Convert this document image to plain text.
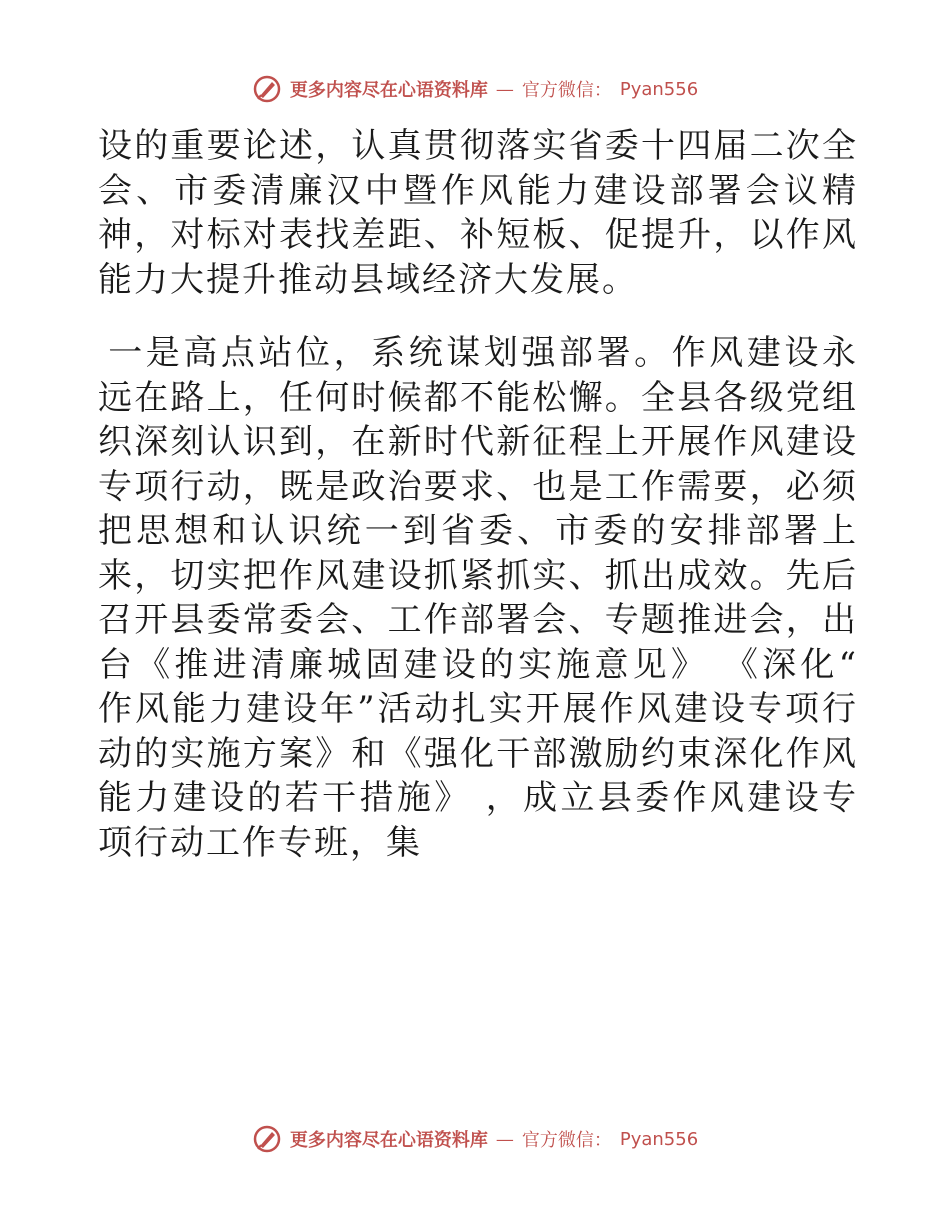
更多内容尽在心语资料库 — 官方微信： Pyan556

设的重要论述，认真贯彻落实省委十四届二次全会、市委清廉汉中暨作风能力建设部署会议精神，对标对表找差距、补短板、促提升，以作风能力大提升推动县域经济大发展。

一是高点站位，系统谋划强部署。作风建设永远在路上，任何时候都不能松懈。全县各级党组织深刻认识到，在新时代新征程上开展作风建设专项行动，既是政治要求、也是工作需要，必须把思想和认识统一到省委、市委的安排部署上来，切实把作风建设抓紧抓实、抓出成效。先后召开县委常委会、工作部署会、专题推进会，出台《推进清廉城固建设的实施意见》 《深化“ 作风能力建设年”活动扎实开展作风建设专项行动的实施方案》和《强化干部激励约束深化作风能力建设的若干措施》 ，成立县委作风建设专项行动工作专班，集

更多内容尽在心语资料库 — 官方微信： Pyan556
